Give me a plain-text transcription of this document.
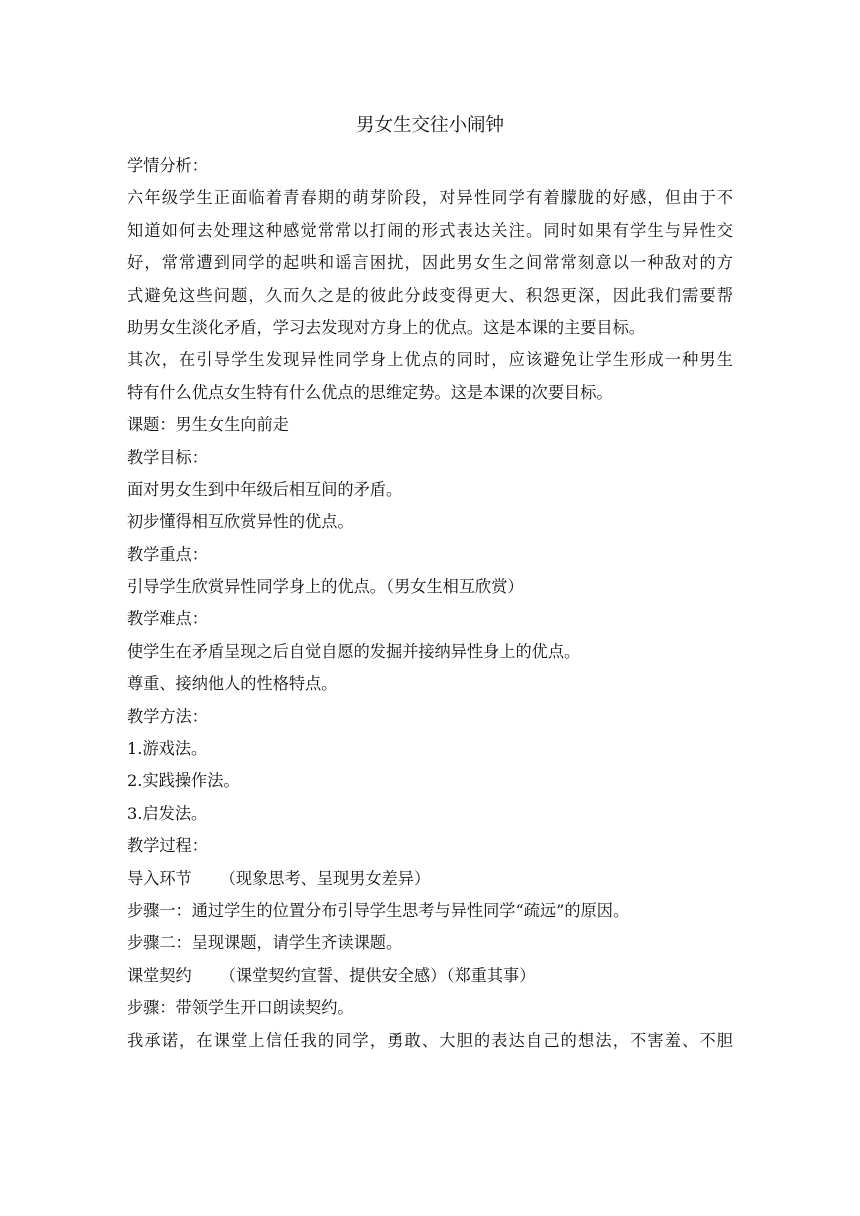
男女生交往小闹钟
学情分析：
六年级学生正面临着青春期的萌芽阶段，对异性同学有着朦胧的好感，但由于不
知道如何去处理这种感觉常常以打闹的形式表达关注。同时如果有学生与异性交
好，常常遭到同学的起哄和谣言困扰，因此男女生之间常常刻意以一种敌对的方
式避免这些问题，久而久之是的彼此分歧变得更大、积怨更深，因此我们需要帮
助男女生淡化矛盾，学习去发现对方身上的优点。这是本课的主要目标。
其次，在引导学生发现异性同学身上优点的同时，应该避免让学生形成一种男生
特有什么优点女生特有什么优点的思维定势。这是本课的次要目标。
课题：男生女生向前走
教学目标：
面对男女生到中年级后相互间的矛盾。
初步懂得相互欣赏异性的优点。
教学重点：
引导学生欣赏异性同学身上的优点。（男女生相互欣赏）
教学难点：
使学生在矛盾呈现之后自觉自愿的发掘并接纳异性身上的优点。
尊重、接纳他人的性格特点。
教学方法：
1.游戏法。
2.实践操作法。
3.启发法。
教学过程：
导入环节 （现象思考、呈现男女差异）
步骤一：通过学生的位置分布引导学生思考与异性同学“疏远”的原因。
步骤二：呈现课题，请学生齐读课题。
课堂契约 （课堂契约宣誓、提供安全感）（郑重其事）
步骤：带领学生开口朗读契约。
我承诺，在课堂上信任我的同学，勇敢、大胆的表达自己的想法，不害羞、不胆
